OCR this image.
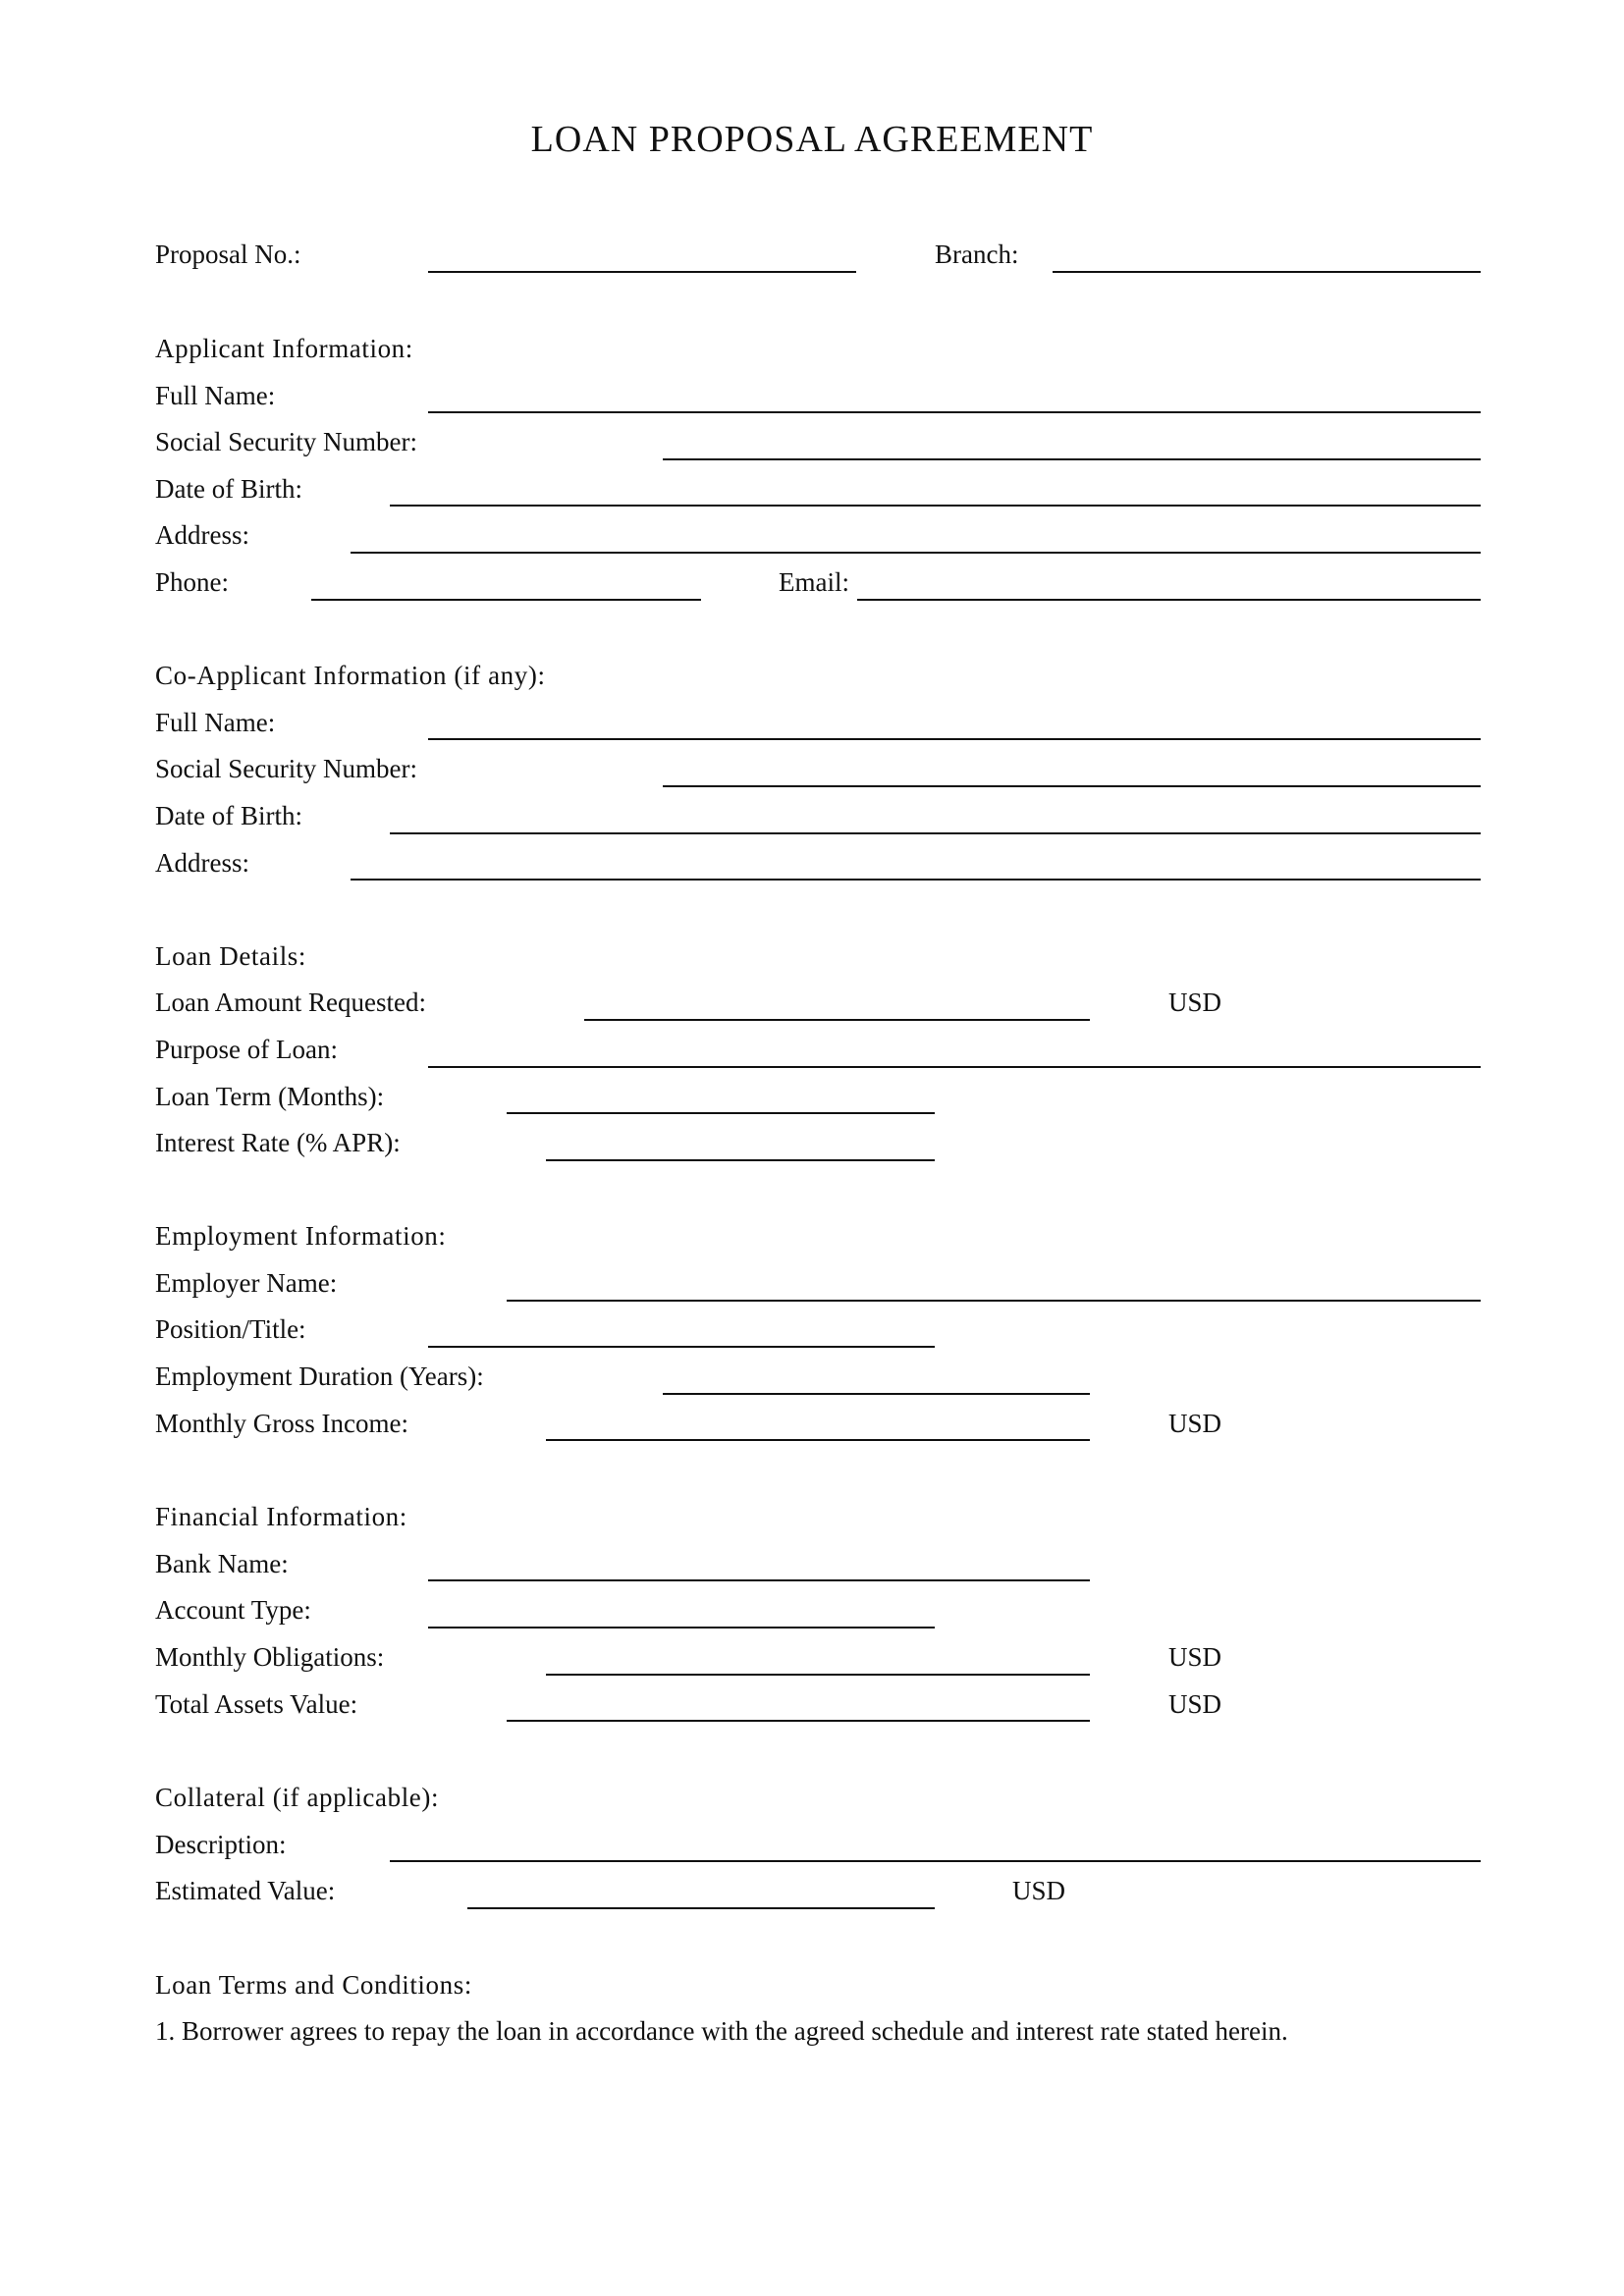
LOAN PROPOSAL AGREEMENT
Proposal No.:	Branch:
Applicant Information:
Full Name:
Social Security Number:
Date of Birth:
Address:
Phone:	Email:
Co-Applicant Information (if any):
Full Name:
Social Security Number:
Date of Birth:
Address:
Loan Details:
Loan Amount Requested:	USD
Purpose of Loan:
Loan Term (Months):
Interest Rate (% APR):
Employment Information:
Employer Name:
Position/Title:
Employment Duration (Years):
Monthly Gross Income:	USD
Financial Information:
Bank Name:
Account Type:
Monthly Obligations:	USD
Total Assets Value:	USD
Collateral (if applicable):
Description:
Estimated Value:	USD
Loan Terms and Conditions:
1. Borrower agrees to repay the loan in accordance with the agreed schedule and interest rate stated herein.
